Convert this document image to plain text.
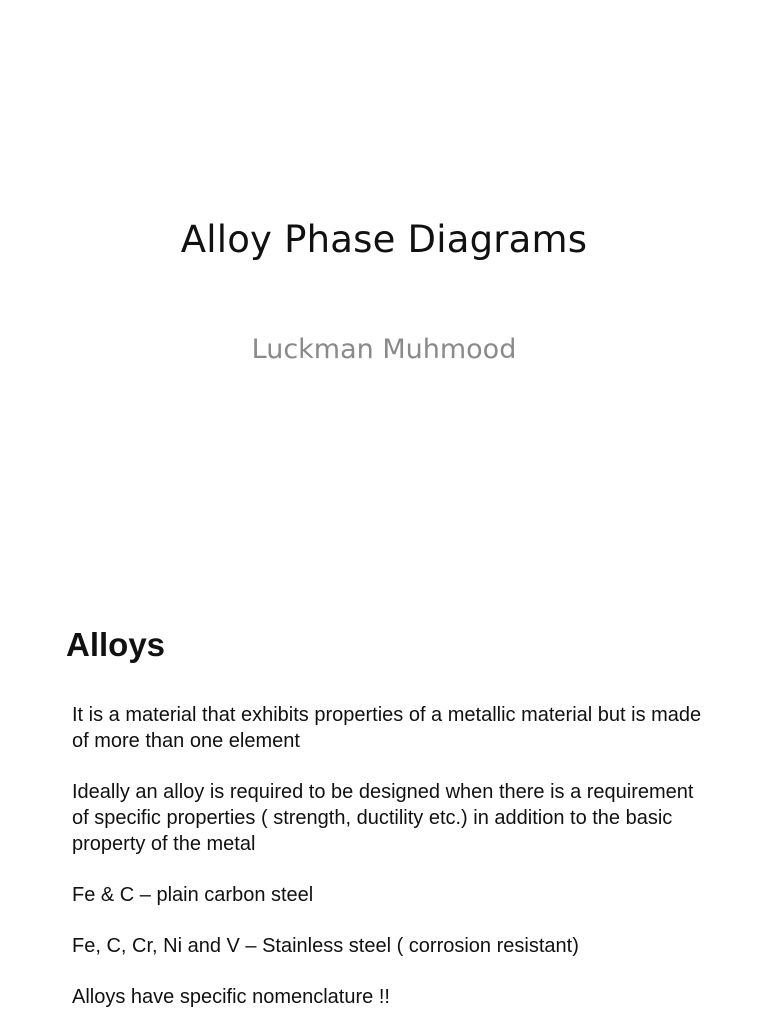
Alloy Phase Diagrams
Luckman Muhmood
Alloys
It is a material that exhibits properties of a metallic material but is made of more than one element
Ideally an alloy is required to be designed when there is a requirement of specific properties ( strength, ductility etc.) in addition to the basic property of the metal
Fe & C – plain carbon steel
Fe, C, Cr, Ni and V – Stainless steel ( corrosion resistant)
Alloys have specific nomenclature !!
